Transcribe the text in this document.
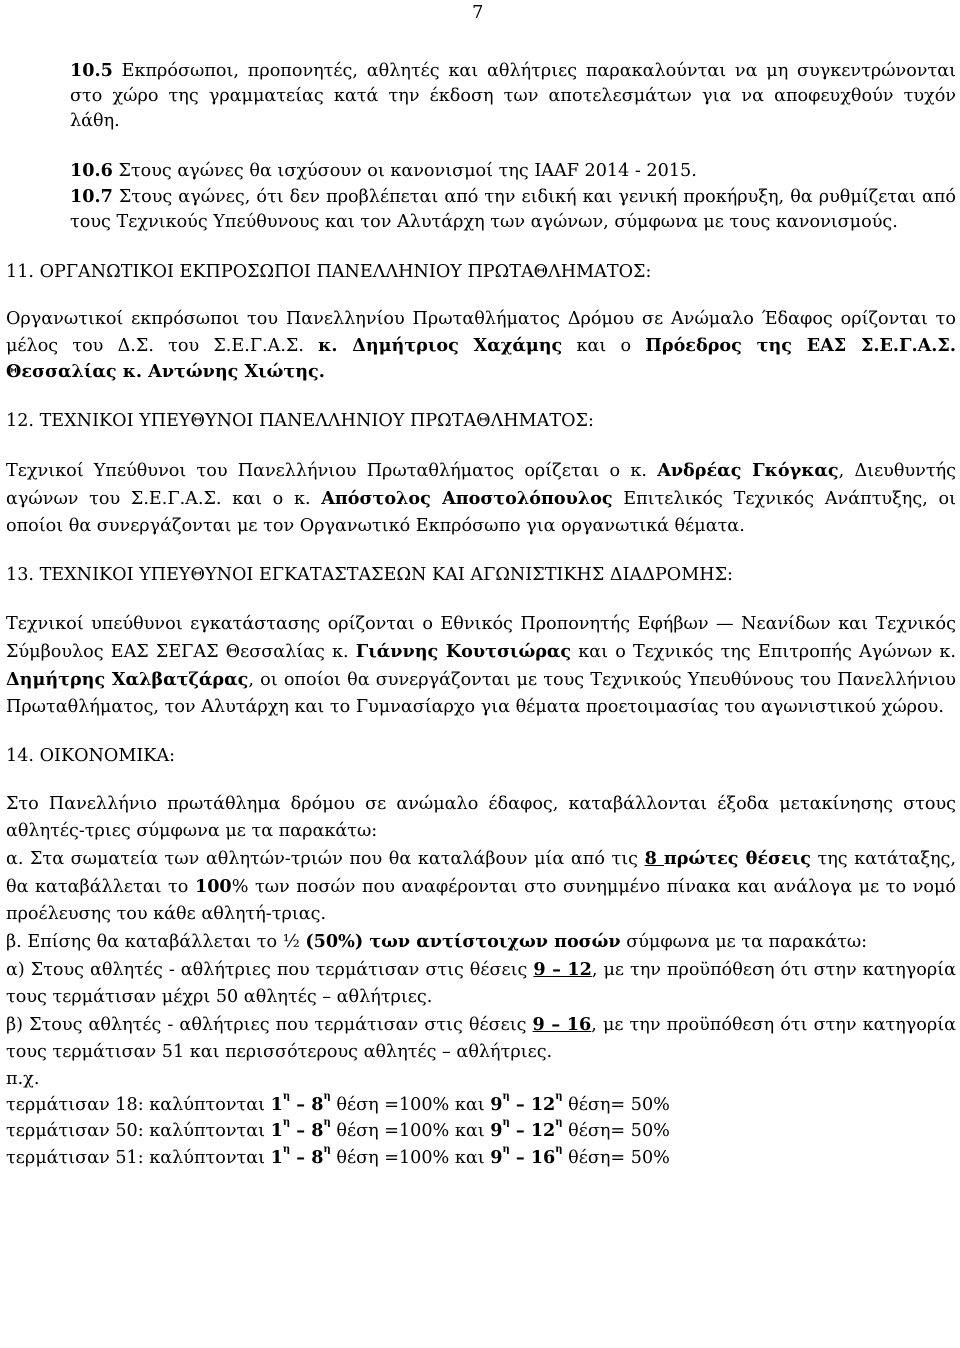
7

10.5 Εκπρόσωποι, προπονητές, αθλητές και αθλήτριες παρακαλούνται να μη συγκεντρώνονται στο χώρο της γραμματείας κατά την έκδοση των αποτελεσμάτων για να αποφευχθούν τυχόν λάθη.

10.6 Στους αγώνες θα ισχύσουν οι κανονισμοί της IAAF 2014 - 2015.

10.7 Στους αγώνες, ότι δεν προβλέπεται από την ειδική και γενική προκήρυξη, θα ρυθμίζεται από τους Τεχνικούς Υπεύθυνους και τον Αλυτάρχη των αγώνων, σύμφωνα με τους κανονισμούς.

11. ΟΡΓΑΝΩΤΙΚΟΙ ΕΚΠΡΟΣΩΠΟΙ ΠΑΝΕΛΛΗΝΙΟΥ ΠΡΩΤΑΘΛΗΜΑΤΟΣ:

Οργανωτικοί εκπρόσωποι του Πανελληνίου Πρωταθλήματος Δρόμου σε Ανώμαλο Έδαφος ορίζονται το μέλος του Δ.Σ. του Σ.Ε.Γ.Α.Σ. κ. Δημήτριος Χαχάμης και ο Πρόεδρος της ΕΑΣ Σ.Ε.Γ.Α.Σ. Θεσσαλίας κ. Αντώνης Χιώτης.

12. ΤΕΧΝΙΚΟΙ ΥΠΕΥΘΥΝΟΙ ΠΑΝΕΛΛΗΝΙΟΥ ΠΡΩΤΑΘΛΗΜΑΤΟΣ:

Τεχνικοί Υπεύθυνοι του Πανελλήνιου Πρωταθλήματος ορίζεται ο κ. Ανδρέας Γκόγκας, Διευθυντής αγώνων του Σ.Ε.Γ.Α.Σ. και ο κ. Απόστολος Αποστολόπουλος Επιτελικός Τεχνικός Ανάπτυξης, οι οποίοι θα συνεργάζονται με τον Οργανωτικό Εκπρόσωπο για οργανωτικά θέματα.

13. ΤΕΧΝΙΚΟΙ ΥΠΕΥΘΥΝΟΙ ΕΓΚΑΤΑΣΤΑΣΕΩΝ ΚΑΙ ΑΓΩΝΙΣΤΙΚΗΣ ΔΙΑΔΡΟΜΗΣ:

Τεχνικοί υπεύθυνοι εγκατάστασης ορίζονται ο Εθνικός Προπονητής Εφήβων — Νεανίδων και Τεχνικός Σύμβουλος ΕΑΣ ΣΕΓΑΣ Θεσσαλίας κ. Γιάννης Κουτσιώρας και ο Τεχνικός της Επιτροπής Αγώνων κ. Δημήτρης Χαλβατζάρας, οι οποίοι θα συνεργάζονται με τους Τεχνικούς Υπευθύνους του Πανελλήνιου Πρωταθλήματος, τον Αλυτάρχη και το Γυμνασίαρχο για θέματα προετοιμασίας του αγωνιστικού χώρου.

14. ΟΙΚΟΝΟΜΙΚΑ:

Στο Πανελλήνιο πρωτάθλημα δρόμου σε ανώμαλο έδαφος, καταβάλλονται έξοδα μετακίνησης στους αθλητές-τριες σύμφωνα με τα παρακάτω:

α. Στα σωματεία των αθλητών-τριών που θα καταλάβουν μία από τις 8 πρώτες θέσεις της κατάταξης, θα καταβάλλεται το 100% των ποσών που αναφέρονται στο συνημμένο πίνακα και ανάλογα με το νομό προέλευσης του κάθε αθλητή-τριας.

β. Επίσης θα καταβάλλεται το ½ (50%) των αντίστοιχων ποσών σύμφωνα με τα παρακάτω:

α) Στους αθλητές - αθλήτριες που τερμάτισαν στις θέσεις 9 – 12, με την προϋπόθεση ότι στην κατηγορία τους τερμάτισαν μέχρι 50 αθλητές – αθλήτριες.

β) Στους αθλητές - αθλήτριες που τερμάτισαν στις θέσεις 9 – 16, με την προϋπόθεση ότι στην κατηγορία τους τερμάτισαν 51 και περισσότερους αθλητές – αθλήτριες.

π.χ.

τερμάτισαν 18: καλύπτονται $1^\eta - 8^\eta$ θέση =100% και $9^\eta - 12^\eta$ θέση= 50%

τερμάτισαν 50: καλύπτονται $1^\eta - 8^\eta$ θέση =100% και $9^\eta - 12^\eta$ θέση= 50%

τερμάτισαν 51: καλύπτονται $1^\eta - 8^\eta$ θέση =100% και $9^\eta - 16^\eta$ θέση= 50%
